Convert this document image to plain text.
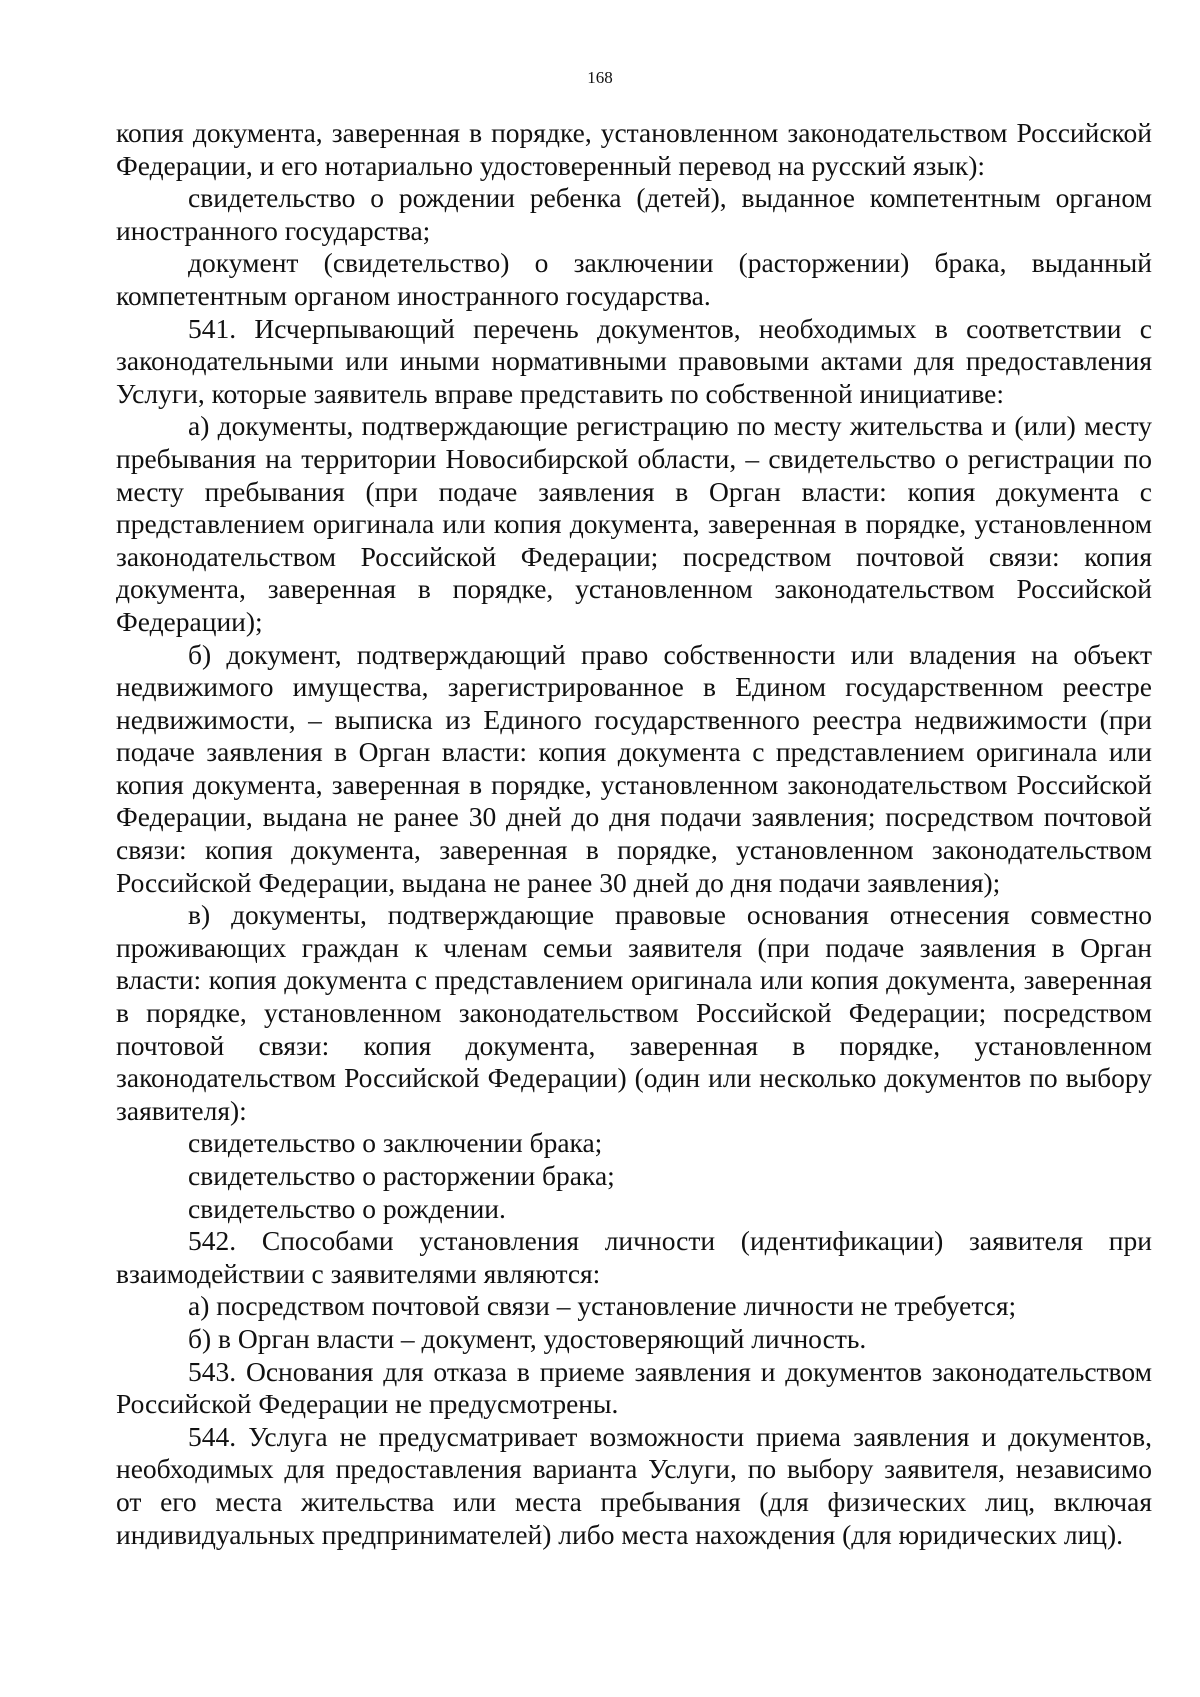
168

копия документа, заверенная в порядке, установленном законодательством Российской Федерации, и его нотариально удостоверенный перевод на русский язык):

свидетельство о рождении ребенка (детей), выданное компетентным органом иностранного государства;

документ (свидетельство) о заключении (расторжении) брака, выданный компетентным органом иностранного государства.

541. Исчерпывающий перечень документов, необходимых в соответствии с законодательными или иными нормативными правовыми актами для предоставления Услуги, которые заявитель вправе представить по собственной инициативе:

а) документы, подтверждающие регистрацию по месту жительства и (или) месту пребывания на территории Новосибирской области, – свидетельство о регистрации по месту пребывания (при подаче заявления в Орган власти: копия документа с представлением оригинала или копия документа, заверенная в порядке, установленном законодательством Российской Федерации; посредством почтовой связи: копия документа, заверенная в порядке, установленном законодательством Российской Федерации);

б) документ, подтверждающий право собственности или владения на объект недвижимого имущества, зарегистрированное в Едином государственном реестре недвижимости, – выписка из Единого государственного реестра недвижимости (при подаче заявления в Орган власти: копия документа с представлением оригинала или копия документа, заверенная в порядке, установленном законодательством Российской Федерации, выдана не ранее 30 дней до дня подачи заявления; посредством почтовой связи: копия документа, заверенная в порядке, установленном законодательством Российской Федерации, выдана не ранее 30 дней до дня подачи заявления);

в) документы, подтверждающие правовые основания отнесения совместно проживающих граждан к членам семьи заявителя (при подаче заявления в Орган власти: копия документа с представлением оригинала или копия документа, заверенная в порядке, установленном законодательством Российской Федерации; посредством почтовой связи: копия документа, заверенная в порядке, установленном законодательством Российской Федерации) (один или несколько документов по выбору заявителя):

свидетельство о заключении брака;

свидетельство о расторжении брака;

свидетельство о рождении.

542. Способами установления личности (идентификации) заявителя при взаимодействии с заявителями являются:

а) посредством почтовой связи – установление личности не требуется;

б) в Орган власти – документ, удостоверяющий личность.

543. Основания для отказа в приеме заявления и документов законодательством Российской Федерации не предусмотрены.

544. Услуга не предусматривает возможности приема заявления и документов, необходимых для предоставления варианта Услуги, по выбору заявителя, независимо от его места жительства или места пребывания (для физических лиц, включая индивидуальных предпринимателей) либо места нахождения (для юридических лиц).
